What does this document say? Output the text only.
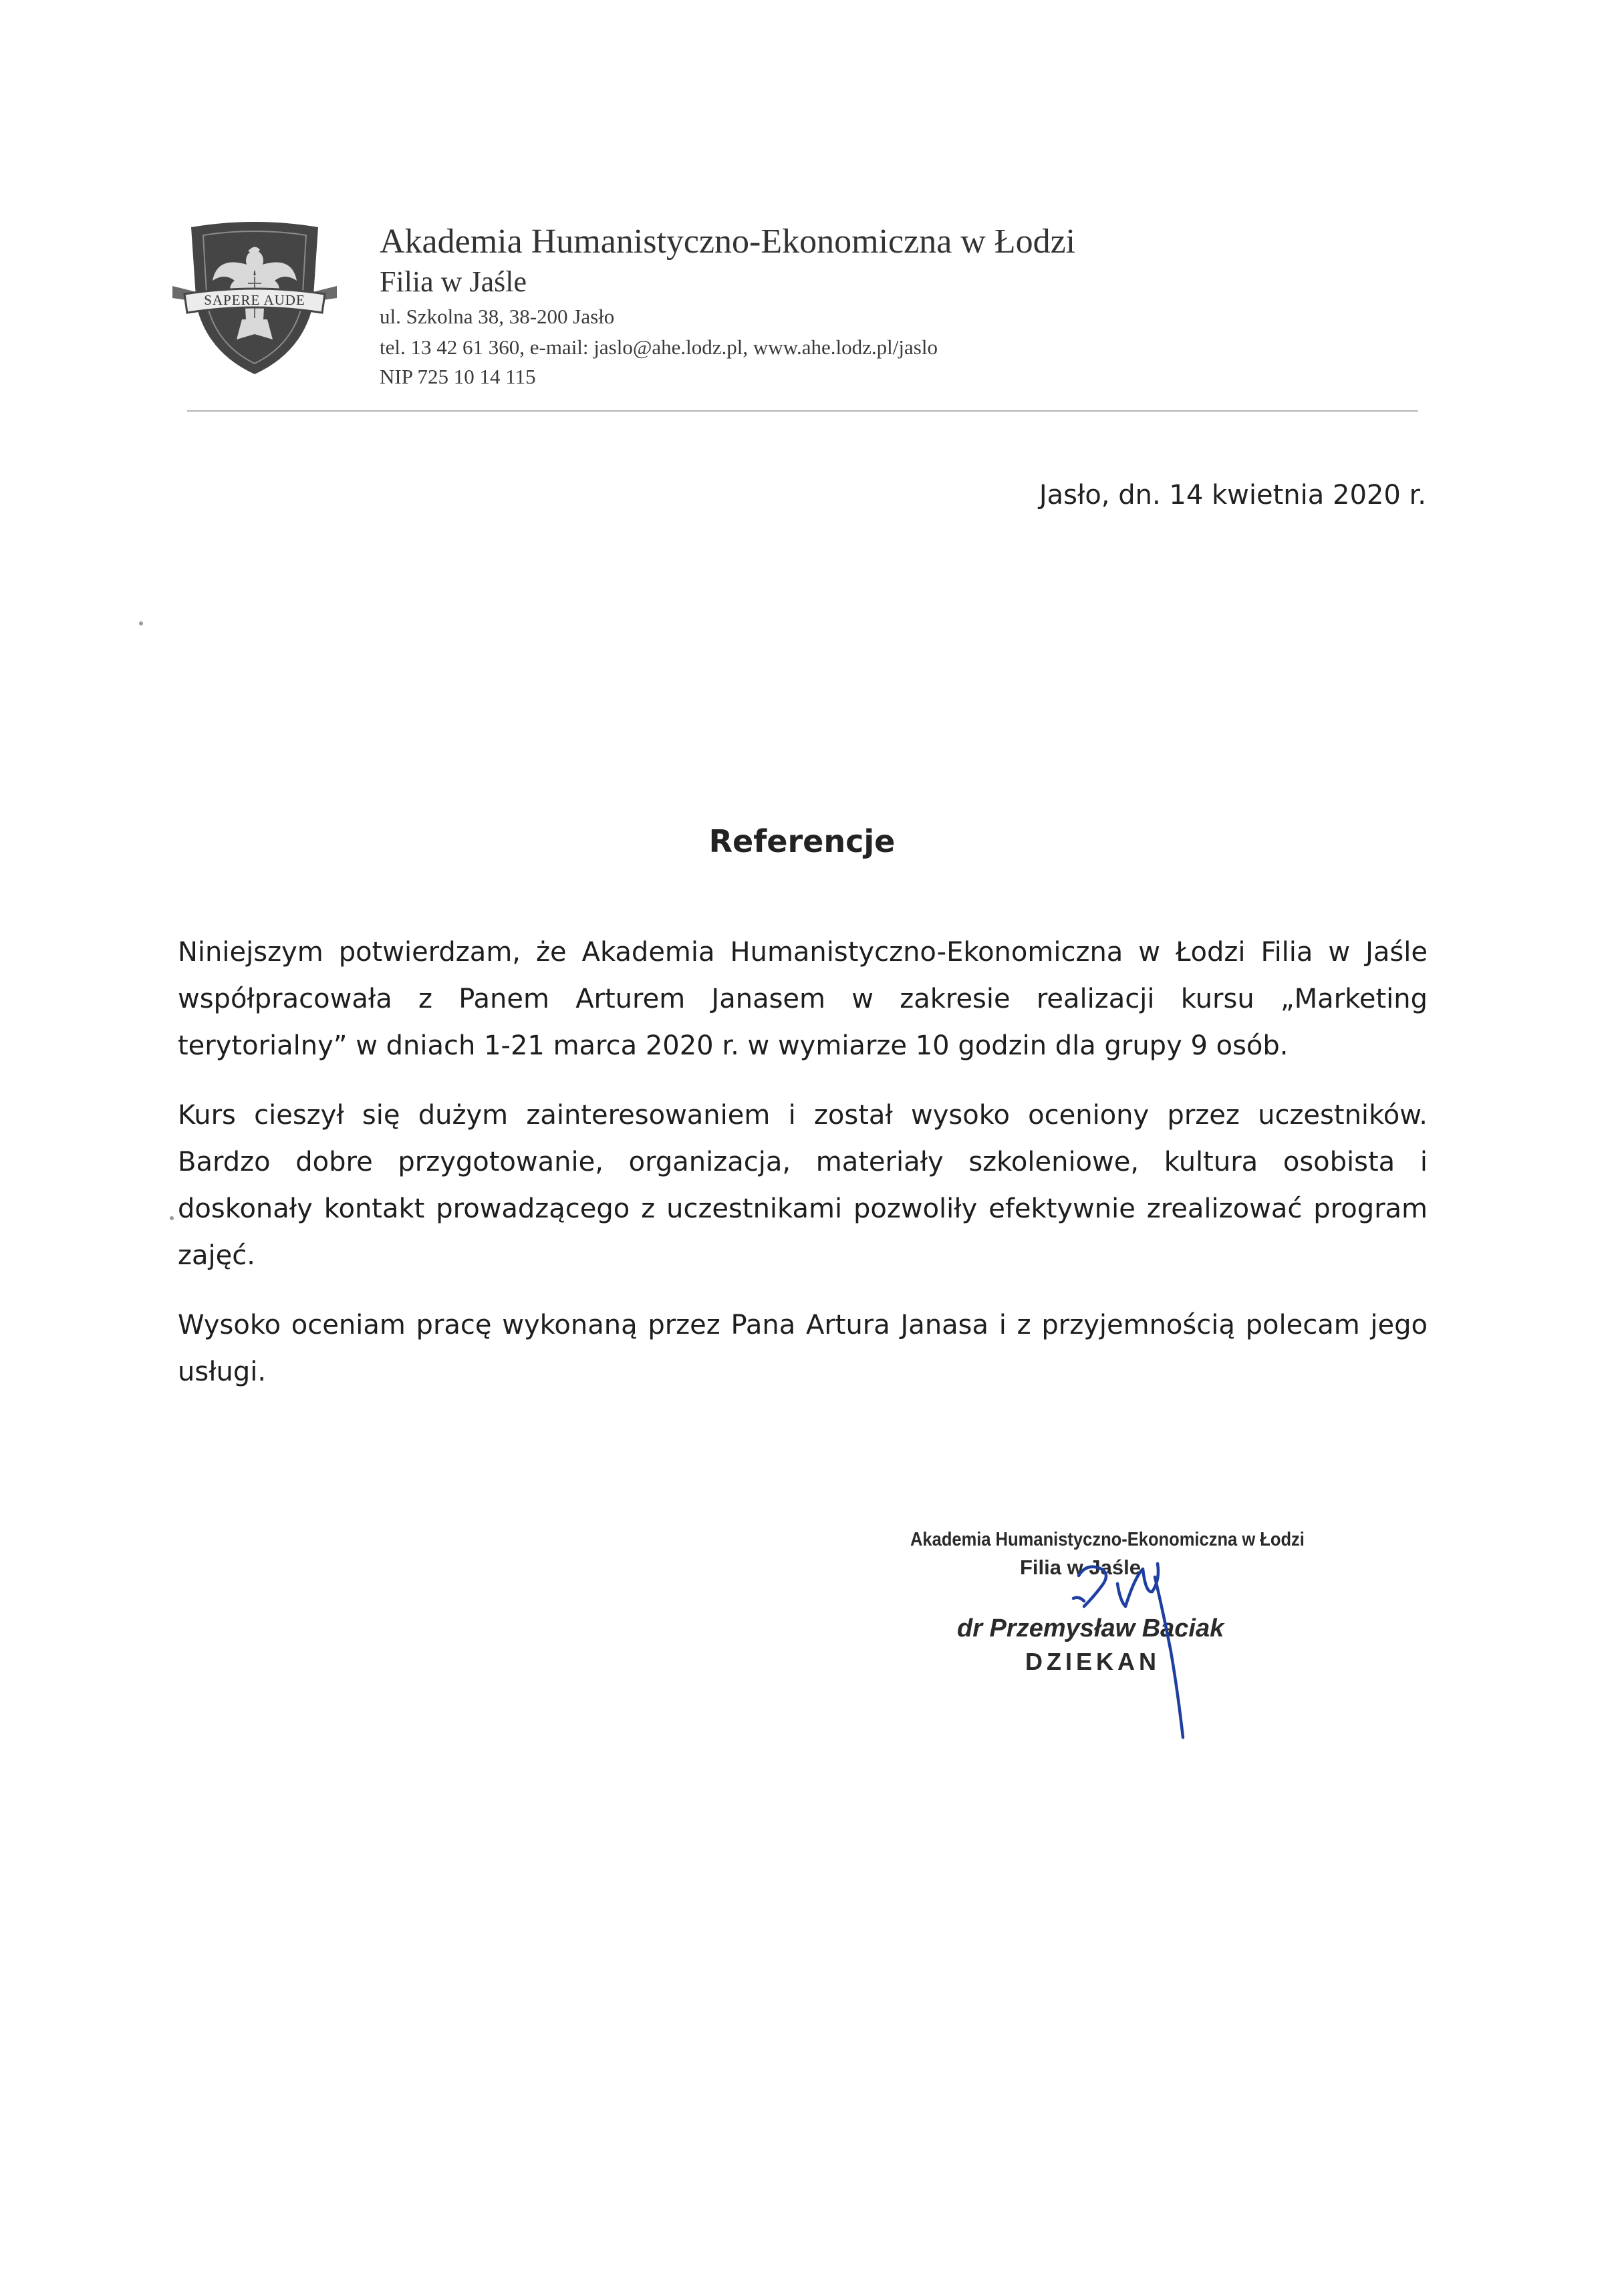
SAPERE AUDE
Akademia Humanistyczno-Ekonomiczna w Łodzi
Filia w Jaśle
ul. Szkolna 38, 38-200 Jasło
tel. 13 42 61 360, e-mail: jaslo@ahe.lodz.pl, www.ahe.lodz.pl/jaslo
NIP 725 10 14 115
Jasło, dn. 14 kwietnia 2020 r.
Referencje

Niniejszym potwierdzam, że Akademia Humanistyczno-Ekonomiczna w Łodzi Filia w Jaśle współpracowała z Panem Arturem Janasem w zakresie realizacji kursu „Marketing terytorialny” w dniach 1-21 marca 2020 r. w wymiarze 10 godzin dla grupy 9 osób.

Kurs cieszył się dużym zainteresowaniem i został wysoko oceniony przez uczestników. Bardzo dobre przygotowanie, organizacja, materiały szkoleniowe, kultura osobista i doskonały kontakt prowadzącego z uczestnikami pozwoliły efektywnie zrealizować program zajęć.

Wysoko oceniam pracę wykonaną przez Pana Artura Janasa i z przyjemnością polecam jego usługi.

Akademia Humanistyczno-Ekonomiczna w Łodzi
Filia w Jaśle
dr Przemysław Baciak
DZIEKAN
